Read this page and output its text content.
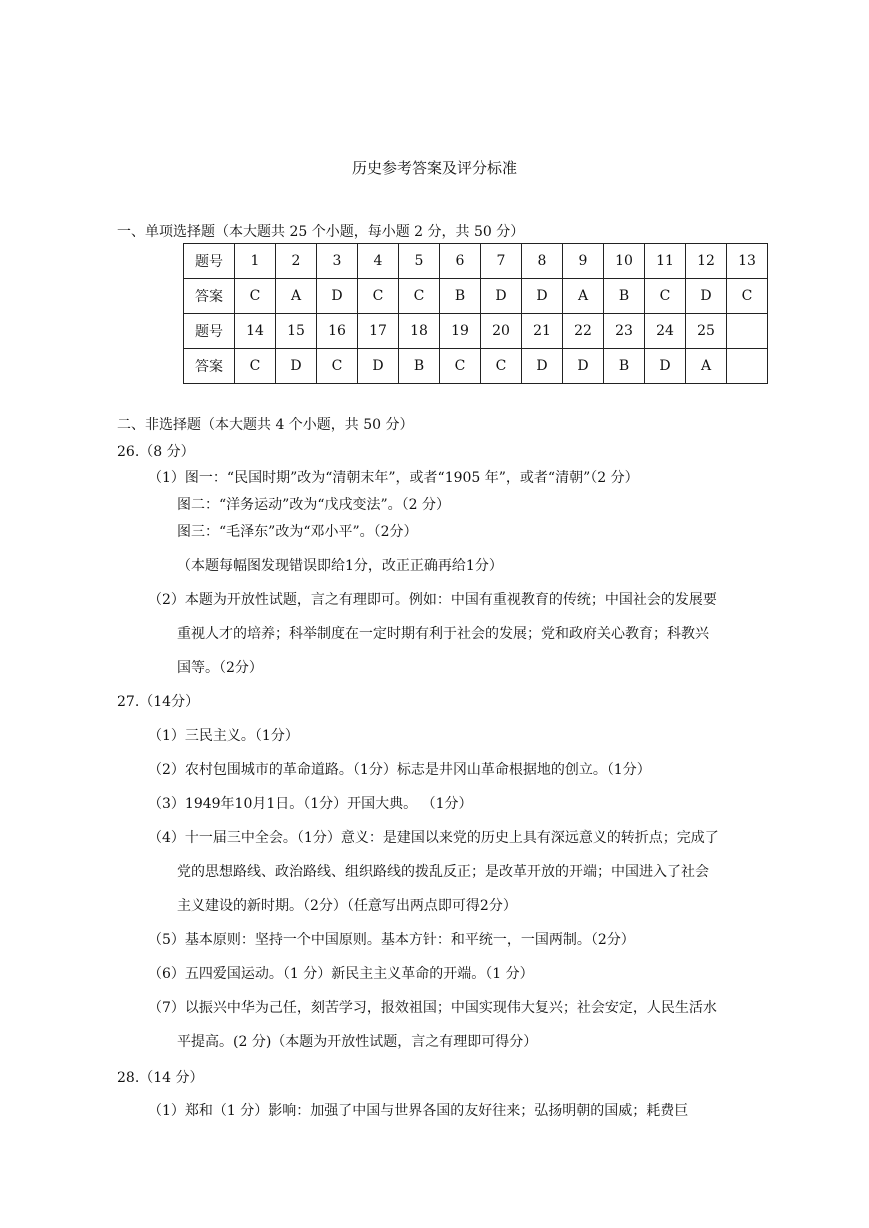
历史参考答案及评分标准
一、单项选择题（本大题共 25 个小题，每小题 2 分，共 50 分）
题号	1	2	3	4	5	6	7	8	9	10	11	12	13
答案	C	A	D	C	C	B	D	D	A	B	C	D	C
题号	14	15	16	17	18	19	20	21	22	23	24	25	
答案	C	D	C	D	B	C	C	D	D	B	D	A	
二、非选择题（本大题共 4 个小题，共 50 分）
26.（8 分）
（1）图一：“民国时期”改为“清朝末年”，或者“1905 年”，或者“清朝”（2 分）
图二：“洋务运动”改为“戊戌变法”。（2 分）
图三：“毛泽东”改为“邓小平”。（2分）
（本题每幅图发现错误即给1分，改正正确再给1分）
（2）本题为开放性试题，言之有理即可。例如：中国有重视教育的传统；中国社会的发展要
重视人才的培养；科举制度在一定时期有利于社会的发展；党和政府关心教育；科教兴
国等。（2分）
27.（14分）
（1）三民主义。（1分）
（2）农村包围城市的革命道路。（1分）标志是井冈山革命根据地的创立。（1分）
（3）1949年10月1日。（1分）开国大典。 （1分）
（4）十一届三中全会。（1分）意义：是建国以来党的历史上具有深远意义的转折点；完成了
党的思想路线、政治路线、组织路线的拨乱反正；是改革开放的开端；中国进入了社会
主义建设的新时期。（2分）（任意写出两点即可得2分）
（5）基本原则：坚持一个中国原则。基本方针：和平统一，一国两制。（2分）
（6）五四爱国运动。（1 分）新民主主义革命的开端。（1 分）
（7）以振兴中华为己任，刻苦学习，报效祖国；中国实现伟大复兴；社会安定，人民生活水
平提高。(2 分)（本题为开放性试题，言之有理即可得分）
28.（14 分）
（1）郑和（1 分）影响：加强了中国与世界各国的友好往来；弘扬明朝的国威；耗费巨
